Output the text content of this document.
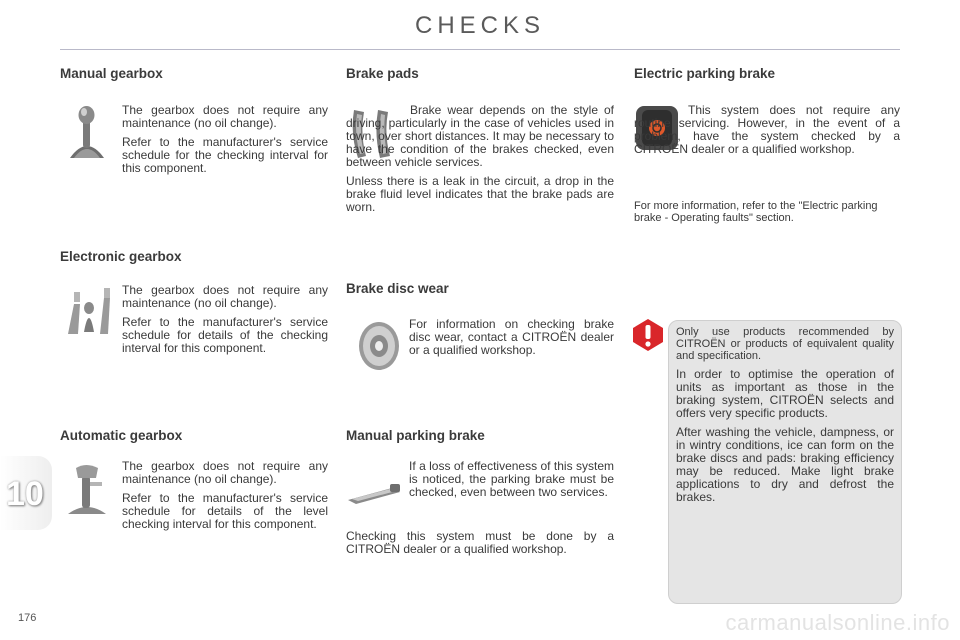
CHECKS
Manual gearbox

The gearbox does not require any maintenance (no oil change).

Refer to the manufacturer's service schedule for the checking interval for this component.

Electronic gearbox

The gearbox does not require any maintenance (no oil change).

Refer to the manufacturer's service schedule for details of the checking interval for this component.

Automatic gearbox

The gearbox does not require any maintenance (no oil change).

Refer to the manufacturer's service schedule for details of the level checking interval for this component.

Brake pads

Brake wear depends on the style of driving, particularly in the case of vehicles used in town, over short distances. It may be necessary to have the condition of the brakes checked, even between vehicle services.

Unless there is a leak in the circuit, a drop in the brake fluid level indicates that the brake pads are worn.

Brake disc wear

For information on checking brake disc wear, contact a CITROËN dealer or a qualified workshop.

Manual parking brake

If a loss of effectiveness of this system is noticed, the parking brake must be checked, even between two services.

Checking this system must be done by a CITROËN dealer or a qualified workshop.

Electric parking brake

This system does not require any routine servicing. However, in the event of a problem, have the system checked by a CITROËN dealer or a qualified workshop.

For more information, refer to the "Electric parking brake - Operating faults" section.

Only use products recommended by CITROËN or products of equivalent quality and specification.

In order to optimise the operation of units as important as those in the braking system, CITROËN selects and offers very specific products.

After washing the vehicle, dampness, or in wintry conditions, ice can form on the brake discs and pads: braking efficiency may be reduced. Make light brake applications to dry and defrost the brakes.

10
176	carmanualsonline.info
